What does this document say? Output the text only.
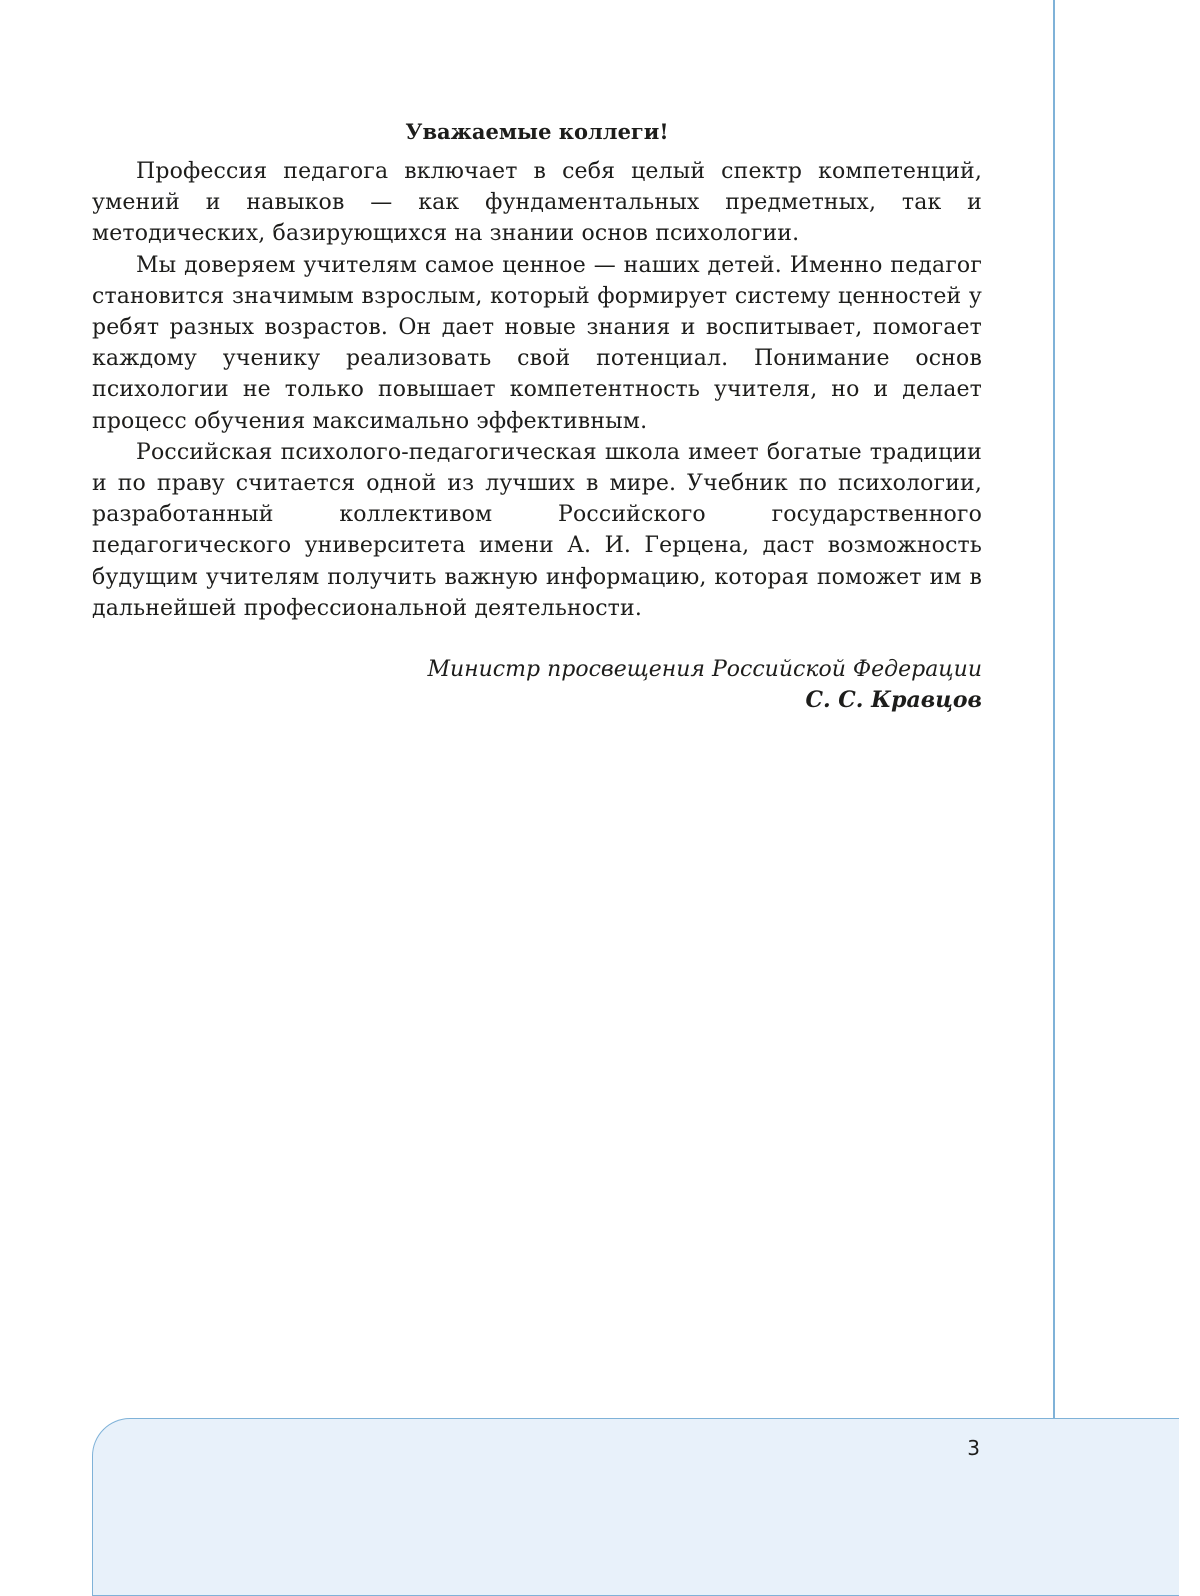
Уважаемые коллеги!

Профессия педагога включает в себя целый спектр компетенций, умений и навыков — как фундаментальных предметных, так и методических, базирующихся на знании основ психологии.

Мы доверяем учителям самое ценное — наших детей. Именно педагог становится значимым взрослым, который формирует систему ценностей у ребят разных возрастов. Он дает новые знания и воспитывает, помогает каждому ученику реализовать свой потенциал. Понимание основ психологии не только повышает компетентность учителя, но и делает процесс обучения максимально эффективным.

Российская психолого-педагогическая школа имеет богатые традиции и по праву считается одной из лучших в мире. Учебник по психологии, разработанный коллективом Российского государственного педагогического университета имени А. И. Герцена, даст возможность будущим учителям получить важную информацию, которая поможет им в дальнейшей профессиональной деятельности.

Министр просвещения Российской Федерации
С. С. Кравцов
3
